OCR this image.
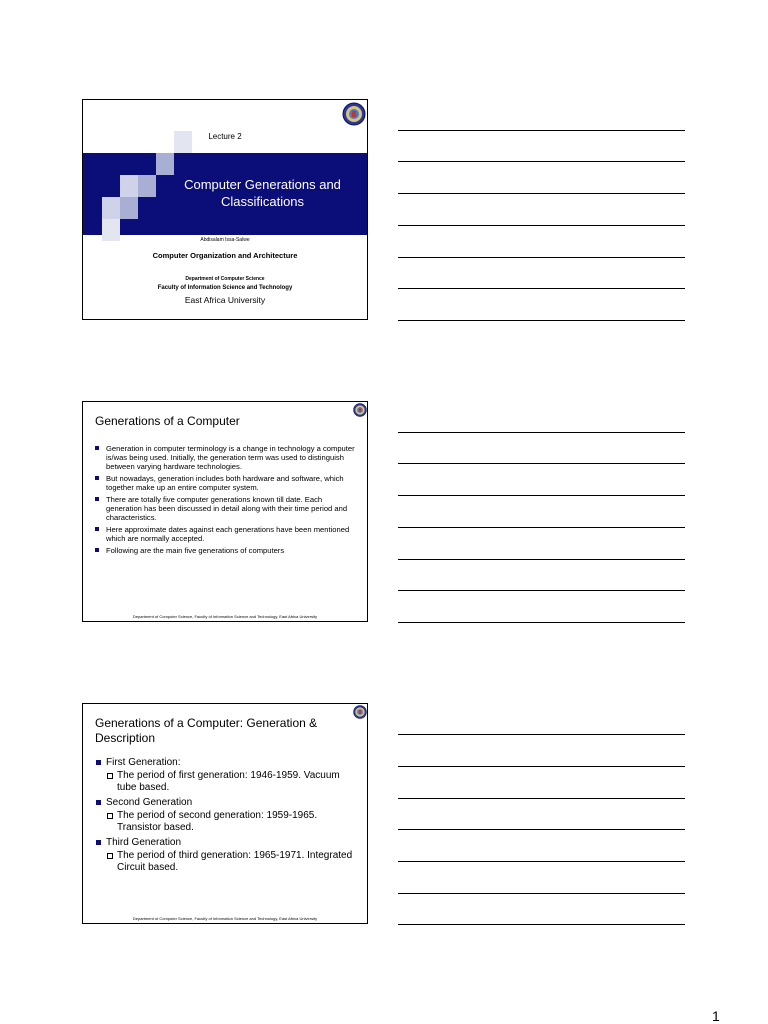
Lecture 2
Computer Generations and
Classifications
Abdisalam Issa-Salwe
Computer Organization and Architecture
Department of Computer Science
Faculty of Information Science and Technology
East Africa University
Generations of a Computer
Generation in computer terminology is a change in technology a computer is/was being used. Initially, the generation term was used to distinguish between varying hardware technologies.
But nowadays, generation includes both hardware and software, which together make up an entire computer system.
There are totally five computer generations known till date. Each generation has been discussed in detail along with their time period and characteristics.
Here approximate dates against each generations have been mentioned which are normally accepted.
Following are the main five generations of computers
Department of Computer Science, Faculty of Information Science and Technology, East Africa University
Generations of a Computer: Generation & Description
First Generation:
The period of first generation: 1946-1959. Vacuum tube based.
Second Generation
The period of second generation: 1959-1965. Transistor based.
Third Generation
The period of third generation: 1965-1971. Integrated Circuit based.
Department of Computer Science, Faculty of Information Science and Technology, East Africa University
1
